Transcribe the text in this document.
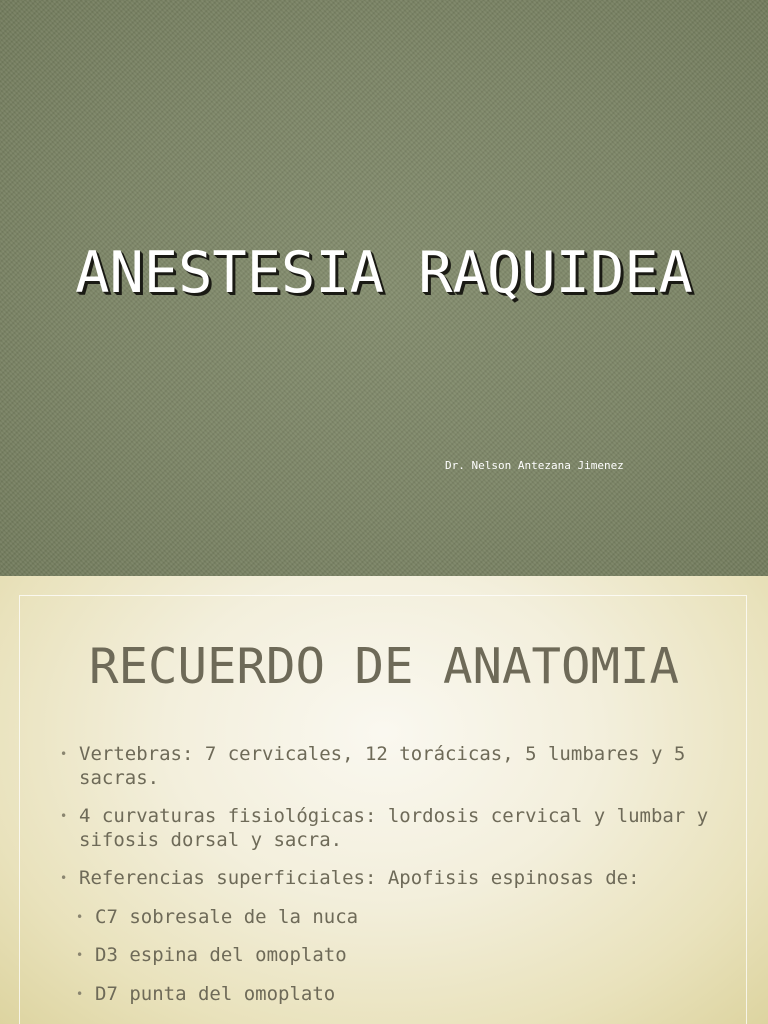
ANESTESIA RAQUIDEA
Dr. Nelson Antezana Jimenez
RECUERDO DE ANATOMIA
• Vertebras: 7 cervicales, 12 torácicas, 5 lumbares y 5 sacras.
• 4 curvaturas fisiológicas: lordosis cervical y lumbar y sifosis dorsal y sacra.
• Referencias superficiales: Apofisis espinosas de:
• C7 sobresale de la nuca
• D3 espina del omoplato
• D7 punta del omoplato
